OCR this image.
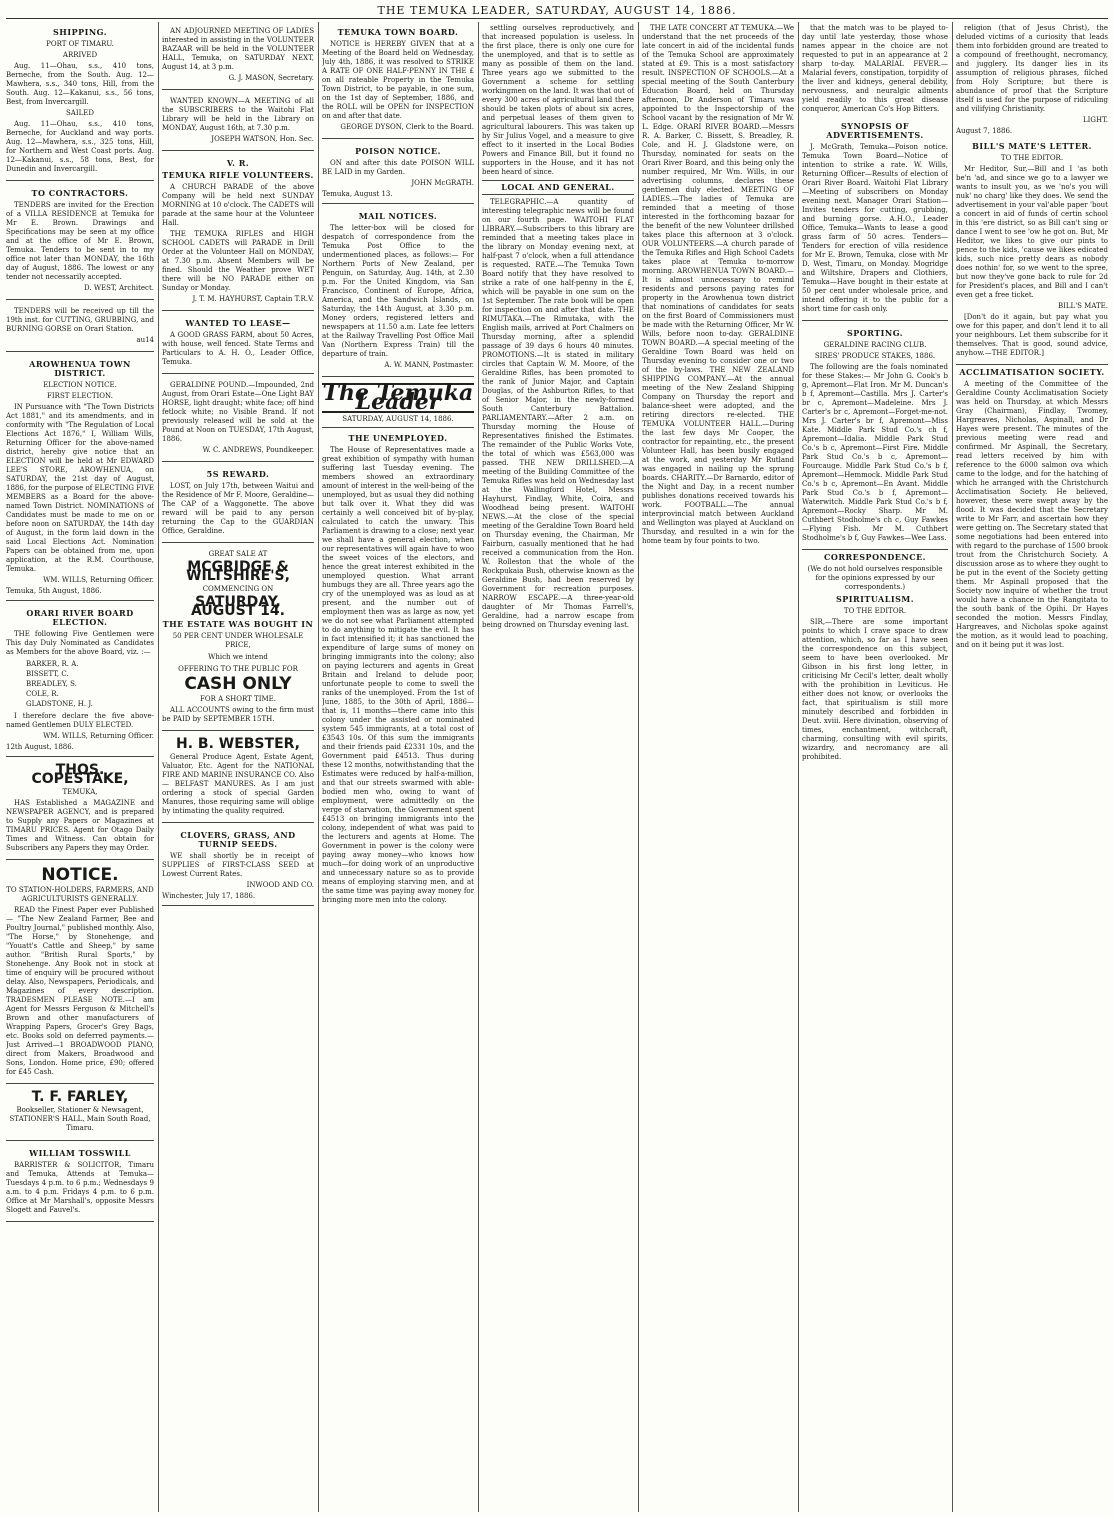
THE TEMUKA LEADER, SATURDAY, AUGUST 14, 1886.
SHIPPING.
PORT OF TIMARU.
ARRIVED

Aug. 11—Ohau, s.s., 410 tons, Berneche, from the South. Aug. 12—Mawhera, s.s., 340 tons, Hill, from the South. Aug. 12—Kakanui, s.s., 56 tons, Best, from Invercargill.

SAILED

Aug. 11—Ohau, s.s., 410 tons, Berneche, for Auckland and way ports. Aug. 12—Mawhera, s.s., 325 tons, Hill, for Northern and West Coast ports. Aug. 12—Kakanui, s.s., 58 tons, Best, for Dunedin and Invercargill.

TO CONTRACTORS.

TENDERS are invited for the Erection of a VILLA RESIDENCE at Temuka for Mr E. Brown. Drawings and Specifications may be seen at my office and at the office of Mr E. Brown, Temuka. Tenders to be sent in to my office not later than MONDAY, the 16th day of August, 1886. The lowest or any tender not necessarily accepted.

D. WEST, Architect.

TENDERS will be received up till the 19th inst. for CUTTING, GRUBBING, and BURNING GORSE on Orari Station.

au14
AROWHENUA TOWN DISTRICT.
ELECTION NOTICE.
FIRST ELECTION.

IN Pursuance with "The Town Districts Act 1881," and its amendments, and in conformity with "The Regulation of Local Elections Act 1876," I, William Wills, Returning Officer for the above-named district, hereby give notice that an ELECTION will be held at Mr EDWARD LEE'S STORE, AROWHENUA, on SATURDAY, the 21st day of August, 1886, for the purpose of ELECTING FIVE MEMBERS as a Board for the above-named Town District. NOMINATIONS of Candidates must be made to me on or before noon on SATURDAY, the 14th day of August, in the form laid down in the said Local Elections Act. Nomination Papers can be obtained from me, upon application, at the R.M. Courthouse, Temuka.

WM. WILLS, Returning Officer.
Temuka, 5th August, 1886.
ORARI RIVER BOARD ELECTION.

THE following Five Gentlemen were This day Duly Nominated as Candidates as Members for the above Board, viz. :—

BARKER, R. A.
BISSETT, C.
BREADLEY, S.
COLE, R.
GLADSTONE, H. J.

I therefore declare the five above-named Gentlemen DULY ELECTED.

WM. WILLS, Returning Officer.
12th August, 1886.
THOS. COPESTAKE,
TEMUKA,

HAS Established a MAGAZINE and NEWSPAPER AGENCY, and is prepared to Supply any Papers or Magazines at TIMARU PRICES. Agent for Otago Daily Times and Witness. Can obtain for Subscribers any Papers they may Order.

NOTICE.
TO STATION-HOLDERS, FARMERS, AND AGRICULTURISTS GENERALLY.

READ the Finest Paper ever Published — "The New Zealand Farmer, Bee and Poultry Journal," published monthly. Also, "The Horse," by Stonehenge, and "Youatt's Cattle and Sheep," by same author. "British Rural Sports," by Stonehenge. Any Book not in stock at time of enquiry will be procured without delay. Also, Newspapers, Periodicals, and Magazines of every description. TRADESMEN PLEASE NOTE.—I am Agent for Messrs Ferguson & Mitchell's Brown and other manufacturers of Wrapping Papers, Grocer's Grey Bags, etc. Books sold on deferred payments.—Just Arrived—1 BROADWOOD PIANO, direct from Makers, Broadwood and Sons, London. Home price, £90; offered for £45 Cash.

T. F. FARLEY,
Bookseller, Stationer & Newsagent, STATIONER'S HALL, Main South Road, Timaru.
WILLIAM TOSSWILL

BARRISTER & SOLICITOR, Timaru and Temuka, Attends at Temuka—Tuesdays 4 p.m. to 6 p.m.; Wednesdays 9 a.m. to 4 p.m. Fridays 4 p.m. to 6 p.m. Office at Mr Marshall's, opposite Messrs Slogett and Fauvel's.

AN ADJOURNED MEETING OF LADIES interested in assisting in the VOLUNTEER BAZAAR will be held in the VOLUNTEER HALL, Temuka, on SATURDAY NEXT, August 14, at 3 p.m.

G. J. MASON, Secretary.

WANTED KNOWN—A MEETING of all the SUBSCRIBERS to the Waitohi Flat Library will be held in the Library on MONDAY, August 16th, at 7.30 p.m.

JOSEPH WATSON, Hon. Sec.
V. R.
TEMUKA RIFLE VOLUNTEERS.

A CHURCH PARADE of the above Company will be held next SUNDAY MORNING at 10 o'clock. The CADETS will parade at the same hour at the Volunteer Hall.

THE TEMUKA RIFLES and HIGH SCHOOL CADETS will PARADE in Drill Order at the Volunteer Hall on MONDAY, at 7.30 p.m. Absent Members will be fined. Should the Weather prove WET there will be NO PARADE either on Sunday or Monday.

J. T. M. HAYHURST, Captain T.R.V.
WANTED TO LEASE—

A GOOD GRASS FARM, about 50 Acres, with house, well fenced. State Terms and Particulars to A. H. O., Leader Office, Temuka.

GERALDINE POUND.—Impounded, 2nd August, from Orari Estate—One Light BAY HORSE, light draught; white face; off hind fetlock white; no Visible Brand. If not previously released will be sold at the Pound at Noon on TUESDAY, 17th August, 1886.

W. C. ANDREWS, Poundkeeper.
5S REWARD.

LOST, on July 17th, between Waitui and the Residence of Mr F. Moore, Geraldine—The CAP of a Waggonette. The above reward will be paid to any person returning the Cap to the GUARDIAN Office, Geraldine.

GREAT SALE AT
MCGRIDGE & WILTSHIRE'S,
COMMENCING ON
SATURDAY, AUGUST 14.
THE ESTATE WAS BOUGHT IN
50 PER CENT UNDER WHOLESALE PRICE,
Which we intend
OFFERING TO THE PUBLIC FOR
CASH ONLY
FOR A SHORT TIME.

ALL ACCOUNTS owing to the firm must be PAID by SEPTEMBER 15TH.

H. B. WEBSTER,

General Produce Agent, Estate Agent, Valuator, Etc. Agent for the NATIONAL FIRE AND MARINE INSURANCE CO. Also— BELFAST MANURES. As I am just ordering a stock of special Garden Manures, those requiring same will oblige by intimating the quality required.

CLOVERS, GRASS, AND TURNIP SEEDS.

WE shall shortly be in receipt of SUPPLIES of FIRST-CLASS SEED at Lowest Current Rates.

INWOOD AND CO.
Winchester, July 17, 1886.
TEMUKA TOWN BOARD.

NOTICE is HEREBY GIVEN that at a Meeting of the Board held on Wednesday, July 4th, 1886, it was resolved to STRIKE A RATE OF ONE HALF-PENNY IN THE £ on all rateable Property in the Temuka Town District, to be payable, in one sum, on the 1st day of September, 1886, and the ROLL will be OPEN for INSPECTION on and after that date.

GEORGE DYSON, Clerk to the Board.
POISON NOTICE.

ON and after this date POISON WILL BE LAID in my Garden.

JOHN McGRATH.
Temuka, August 13.
MAIL NOTICES.

The letter-box will be closed for despatch of correspondence from the Temuka Post Office to the undermentioned places, as follows:— For Northern Ports of New Zealand, per Penguin, on Saturday, Aug. 14th, at 2.30 p.m. For the United Kingdom, via San Francisco, Continent of Europe, Africa, America, and the Sandwich Islands, on Saturday, the 14th August, at 3.30 p.m. Money orders, registered letters and newspapers at 11.50 a.m. Late fee letters at the Railway Travelling Post Office Mail Van (Northern Express Train) till the departure of train.

A. W. MANN, Postmaster.
The Temuka Leader
SATURDAY, AUGUST 14, 1886.
THE UNEMPLOYED.

The House of Representatives made a great exhibition of sympathy with human suffering last Tuesday evening. The members showed an extraordinary amount of interest in the well-being of the unemployed, but as usual they did nothing but talk over it. What they did was certainly a well conceived bit of by-play, calculated to catch the unwary. This Parliament is drawing to a close; next year we shall have a general election, when our representatives will again have to woo the sweet voices of the electors, and hence the great interest exhibited in the unemployed question. What arrant humbugs they are all. Three years ago the cry of the unemployed was as loud as at present, and the number out of employment then was as large as now, yet we do not see what Parliament attempted to do anything to mitigate the evil. It has in fact intensified it; it has sanctioned the expenditure of large sums of money on bringing immigrants into the colony; also on paying lecturers and agents in Great Britain and Ireland to delude poor, unfortunate people to come to swell the ranks of the unemployed. From the 1st of June, 1885, to the 30th of April, 1886—that is, 11 months—there came into this colony under the assisted or nominated system 545 immigrants, at a total cost of £3543 10s. Of this sum the immigrants and their friends paid £2331 10s, and the Government paid £4513. Thus during these 12 months, notwithstanding that the Estimates were reduced by half-a-million, and that our streets swarmed with able-bodied men who, owing to want of employment, were admittedly on the verge of starvation, the Government spent £4513 on bringing immigrants into the colony, independent of what was paid to the lecturers and agents at Home. The Government in power is the colony were paying away money—who knows how much—for doing work of an unproductive and unnecessary nature so as to provide means of employing starving men, and at the same time was paying away money for bringing more men into the colony.

settling ourselves reproductively, and that increased population is useless. In the first place, there is only one cure for the unemployed, and that is to settle as many as possible of them on the land. Three years ago we submitted to the Government a scheme for settling workingmen on the land. It was that out of every 300 acres of agricultural land there should be taken plots of about six acres, and perpetual leases of them given to agricultural labourers. This was taken up by Sir Julius Vogel, and a measure to give effect to it inserted in the Local Bodies Powers and Finance Bill, but it found no supporters in the House, and it has not been heard of since.

LOCAL AND GENERAL.

TELEGRAPHIC.—A quantity of interesting telegraphic news will be found on our fourth page. WAITOHI FLAT LIBRARY.—Subscribers to this library are reminded that a meeting takes place in the library on Monday evening next, at half-past 7 o'clock, when a full attendance is requested. RATE.—The Temuka Town Board notify that they have resolved to strike a rate of one half-penny in the £, which will be payable in one sum on the 1st September. The rate book will be open for inspection on and after that date. THE RIMUTAKA.—The Rimutaka, with the English mails, arrived at Port Chalmers on Thursday morning, after a splendid passage of 39 days 6 hours 40 minutes. PROMOTIONS.—It is stated in military circles that Captain W. M. Moore, of the Geraldine Rifles, has been promoted to the rank of Junior Major, and Captain Douglas, of the Ashburton Rifles, to that of Senior Major, in the newly-formed South Canterbury Battalion. PARLIAMENTARY.—After 2 a.m. on Thursday morning the House of Representatives finished the Estimates. The remainder of the Public Works Vote, the total of which was £563,000 was passed. THE NEW DRILLSHED.—A meeting of the Building Committee of the Temuka Rifles was held on Wednesday last at the Wallingford Hotel, Messrs Hayhurst, Findlay, White, Coira, and Woodhead being present. WAITOHI NEWS.—At the close of the special meeting of the Geraldine Town Board held on Thursday evening, the Chairman, Mr Fairburn, casually mentioned that he had received a communication from the Hon. W. Rolleston that the whole of the Rockpukaia Bush, otherwise known as the Geraldine Bush, had been reserved by Government for recreation purposes. NARROW ESCAPE.—A three-year-old daughter of Mr Thomas Farrell's, Geraldine, had a narrow escape from being drowned on Thursday evening last.

THE LATE CONCERT AT TEMUKA.—We understand that the net proceeds of the late concert in aid of the incidental funds of the Temuka School are approximately stated at £9. This is a most satisfactory result. INSPECTION OF SCHOOLS.—At a special meeting of the South Canterbury Education Board, held on Thursday afternoon, Dr Anderson of Timaru was appointed to the Inspectorship of the School vacant by the resignation of Mr W. L. Edge. ORARI RIVER BOARD.—Messrs R. A. Barker, C. Bissett, S. Breadley, R. Cole, and H. J. Gladstone were, on Thursday, nominated for seats on the Orari River Board, and this being only the number required, Mr Wm. Wills, in our advertising columns, declares these gentlemen duly elected. MEETING OF LADIES.—The ladies of Temuka are reminded that a meeting of those interested in the forthcoming bazaar for the benefit of the new Volunteer drillshed takes place this afternoon at 3 o'clock. OUR VOLUNTEERS.—A church parade of the Temuka Rifles and High School Cadets takes place at Temuka to-morrow morning. AROWHENUA TOWN BOARD.—It is almost unnecessary to remind residents and persons paying rates for property in the Arowhenua town district that nominations of candidates for seats on the first Board of Commissioners must be made with the Returning Officer, Mr W. Wills, before noon to-day. GERALDINE TOWN BOARD.—A special meeting of the Geraldine Town Board was held on Thursday evening to consider one or two of the by-laws. THE NEW ZEALAND SHIPPING COMPANY.—At the annual meeting of the New Zealand Shipping Company on Thursday the report and balance-sheet were adopted, and the retiring directors re-elected. THE TEMUKA VOLUNTEER HALL.—During the last few days Mr Cooper, the contractor for repainting, etc., the present Volunteer Hall, has been busily engaged at the work, and yesterday Mr Rutland was engaged in nailing up the sprung boards. CHARITY.—Dr Barnardo, editor of the Night and Day, in a recent number publishes donations received towards his work. FOOTBALL.—The annual interprovincial match between Auckland and Wellington was played at Auckland on Thursday, and resulted in a win for the home team by four points to two.

that the match was to be played to-day until late yesterday, those whose names appear in the choice are not requested to put in an appearance at 2 sharp to-day. MALARIAL FEVER.—Malarial fevers, constipation, torpidity of the liver and kidneys, general debility, nervousness, and neuralgic ailments yield readily to this great disease conqueror, American Co's Hop Bitters.

SYNOPSIS OF ADVERTISEMENTS.

J. McGrath, Temuka—Poison notice. Temuka Town Board—Notice of intention to strike a rate. W. Wills, Returning Officer—Results of election of Orari River Board. Waitohi Flat Library—Meeting of subscribers on Monday evening next. Manager Orari Station—Invites tenders for cutting, grubbing, and burning gorse. A.H.O., Leader Office, Temuka—Wants to lease a good grass farm of 50 acres. Tenders—Tenders for erection of villa residence for Mr E. Brown, Temuka, close with Mr D. West, Timaru, on Monday. Mogridge and Wiltshire, Drapers and Clothiers, Temuka—Have bought in their estate at 50 per cent under wholesale price, and intend offering it to the public for a short time for cash only.

SPORTING.
GERALDINE RACING CLUB.
SIRES' PRODUCE STAKES, 1886.

The following are the foals nominated for these Stakes:— Mr John G. Cook's b g, Apremont—Flat Iron. Mr M. Duncan's b f, Apremont—Castilla. Mrs J. Carter's br c, Apremont—Madeleine. Mrs J. Carter's br c, Apremont—Forget-me-not. Mrs J. Carter's br f, Apremont—Miss Kate. Middle Park Stud Co.'s ch f, Apremont—Idalia. Middle Park Stud Co.'s b c, Apremont—First Fire. Middle Park Stud Co.'s b c, Apremont—Fourcauge. Middle Park Stud Co.'s b f, Apremont—Hemmock. Middle Park Stud Co.'s b c, Apremont—En Avant. Middle Park Stud Co.'s b f, Apremont—Waterwitch. Middle Park Stud Co.'s b f, Apremont—Rocky Sharp. Mr M. Cuthbert Stodholme's ch c, Guy Fawkes—Flying Fish. Mr M. Cuthbert Stodholme's b f, Guy Fawkes—Wee Lass.

CORRESPONDENCE.
(We do not hold ourselves responsible for the opinions expressed by our correspondents.)
SPIRITUALISM.
TO THE EDITOR.

SIR,—There are some important points to which I crave space to draw attention, which, so far as I have seen the correspondence on this subject, seem to have been overlooked. Mr Gibson in his first long letter, in criticising Mr Cecil's letter, dealt wholly with the prohibition in Leviticus. He either does not know, or overlooks the fact, that spiritualism is still more minutely described and forbidden in Deut. xviii. Here divination, observing of times, enchantment, witchcraft, charming, consulting with evil spirits, wizardry, and necromancy are all prohibited.

religion (that of Jesus Christ), the deluded victims of a curiosity that leads them into forbidden ground are treated to a compound of freethought, necromancy, and jugglery. Its danger lies in its assumption of religious phrases, filched from Holy Scripture; but there is abundance of proof that the Scripture itself is used for the purpose of ridiculing and vilifying Christianity.

LIGHT.
August 7, 1886.
BILL'S MATE'S LETTER.
TO THE EDITOR.

Mr Heditor, Sur,—Bill and I 'as both be'n 'ad, and since we go to a lawyer we wants to insult you, as we 'no's you will nuk' no charg' like they does. We send the advertisement in your val'able paper 'bout a concert in aid of funds of certin school in this 'ere district, so as Bill can't sing or dance I went to see 'ow he got on. But, Mr Heditor, we likes to give our pints to pence to the kids, 'cause we likes edicated kids, such nice pretty dears as nobody does nothin' for, so we went to the spree, but now they've gone back to rule for 2d for President's places, and Bill and I can't even get a free ticket.

BILL'S MATE.

[Don't do it again, but pay what you owe for this paper, and don't lend it to all your neighbours. Let them subscribe for it themselves. That is good, sound advice, anyhow.—THE EDITOR.]

ACCLIMATISATION SOCIETY.

A meeting of the Committee of the Geraldine County Acclimatisation Society was held on Thursday, at which Messrs Gray (Chairman), Findlay, Twomey, Hargreaves, Nicholas, Aspinall, and Dr Hayes were present. The minutes of the previous meeting were read and confirmed. Mr Aspinall, the Secretary, read letters received by him with reference to the 6000 salmon ova which came to the lodge, and for the hatching of which he arranged with the Christchurch Acclimatisation Society. He believed, however, these were swept away by the flood. It was decided that the Secretary write to Mr Farr, and ascertain how they were getting on. The Secretary stated that some negotiations had been entered into with regard to the purchase of 1500 brook trout from the Christchurch Society. A discussion arose as to where they ought to be put in the event of the Society getting them. Mr Aspinall proposed that the Society now inquire of whether the trout would have a chance in the Rangitata to the south bank of the Opihi. Dr Hayes seconded the motion. Messrs Findlay, Hargreaves, and Nicholas spoke against the motion, as it would lead to poaching, and on it being put it was lost.
